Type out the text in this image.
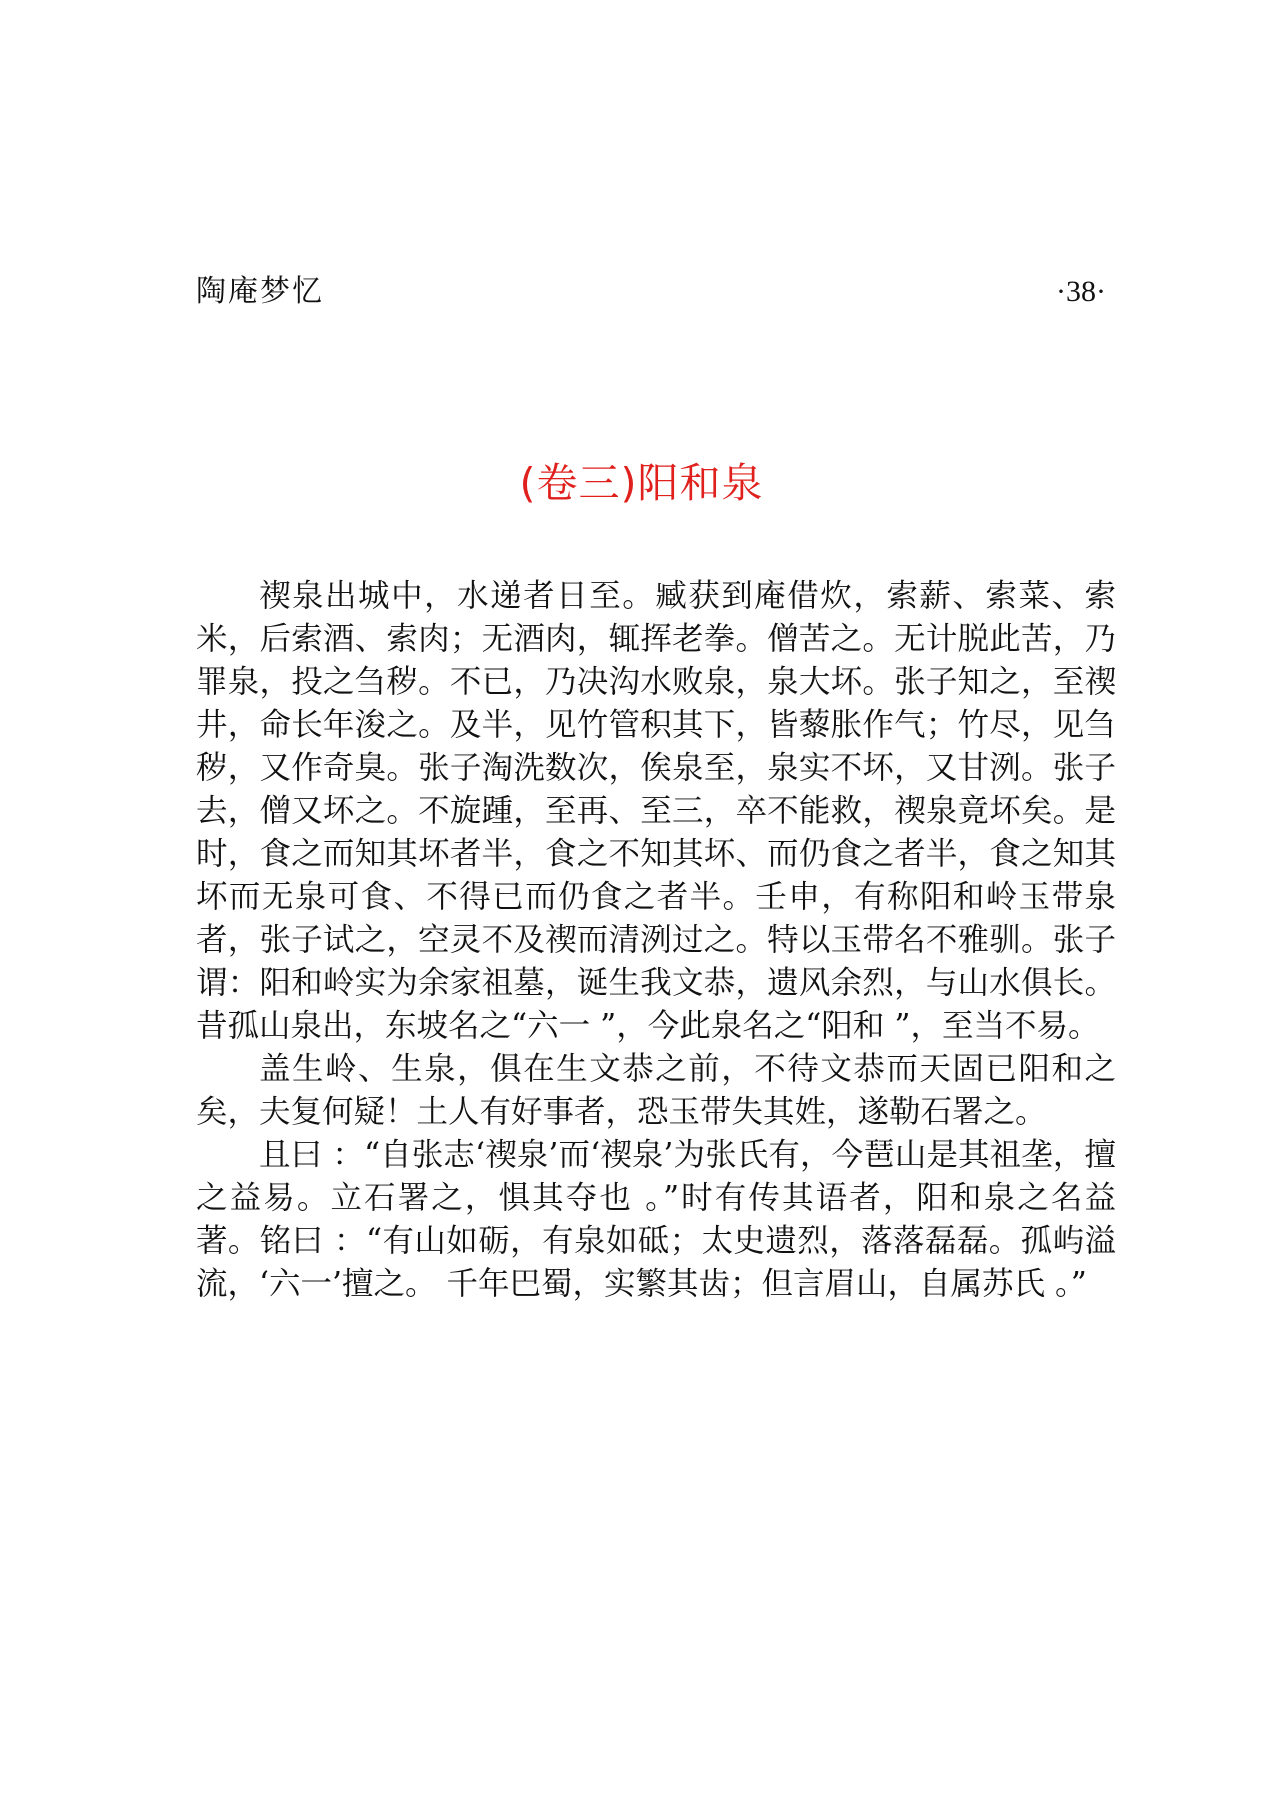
陶庵梦忆	·38·
(卷三)阳和泉

禊泉出城中，水递者日至。臧获到庵借炊，索薪、索菜、索米，后索酒、索肉；无酒肉，辄挥老拳。僧苦之。无计脱此苦，乃罪泉，投之刍秽。不已，乃决沟水败泉，泉大坏。张子知之，至禊井，命长年浚之。及半，见竹管积其下，皆藜胀作气；竹尽，见刍秽，又作奇臭。张子淘洗数次，俟泉至，泉实不坏，又甘洌。张子去，僧又坏之。不旋踵，至再、至三，卒不能救，禊泉竟坏矣。是时，食之而知其坏者半，食之不知其坏、而仍食之者半，食之知其坏而无泉可食、不得已而仍食之者半。壬申，有称阳和岭玉带泉者，张子试之，空灵不及禊而清洌过之。特以玉带名不雅驯。张子谓：阳和岭实为余家祖墓，诞生我文恭，遗风余烈，与山水俱长。昔孤山泉出，东坡名之“六一 ”，今此泉名之“阳和 ”，至当不易。

盖生岭、生泉，俱在生文恭之前，不待文恭而天固已阳和之矣，夫复何疑！土人有好事者，恐玉带失其姓，遂勒石署之。

且曰 ：“自张志‘禊泉’而‘禊泉’为张氏有，今琶山是其祖垄，擅之益易。立石署之，惧其夺也 。”时有传其语者，阳和泉之名益著。铭曰 ：“有山如砺，有泉如砥；太史遗烈，落落磊磊。孤屿溢流，‘六一’擅之。 千年巴蜀，实繁其齿；但言眉山，自属苏氏 。”
